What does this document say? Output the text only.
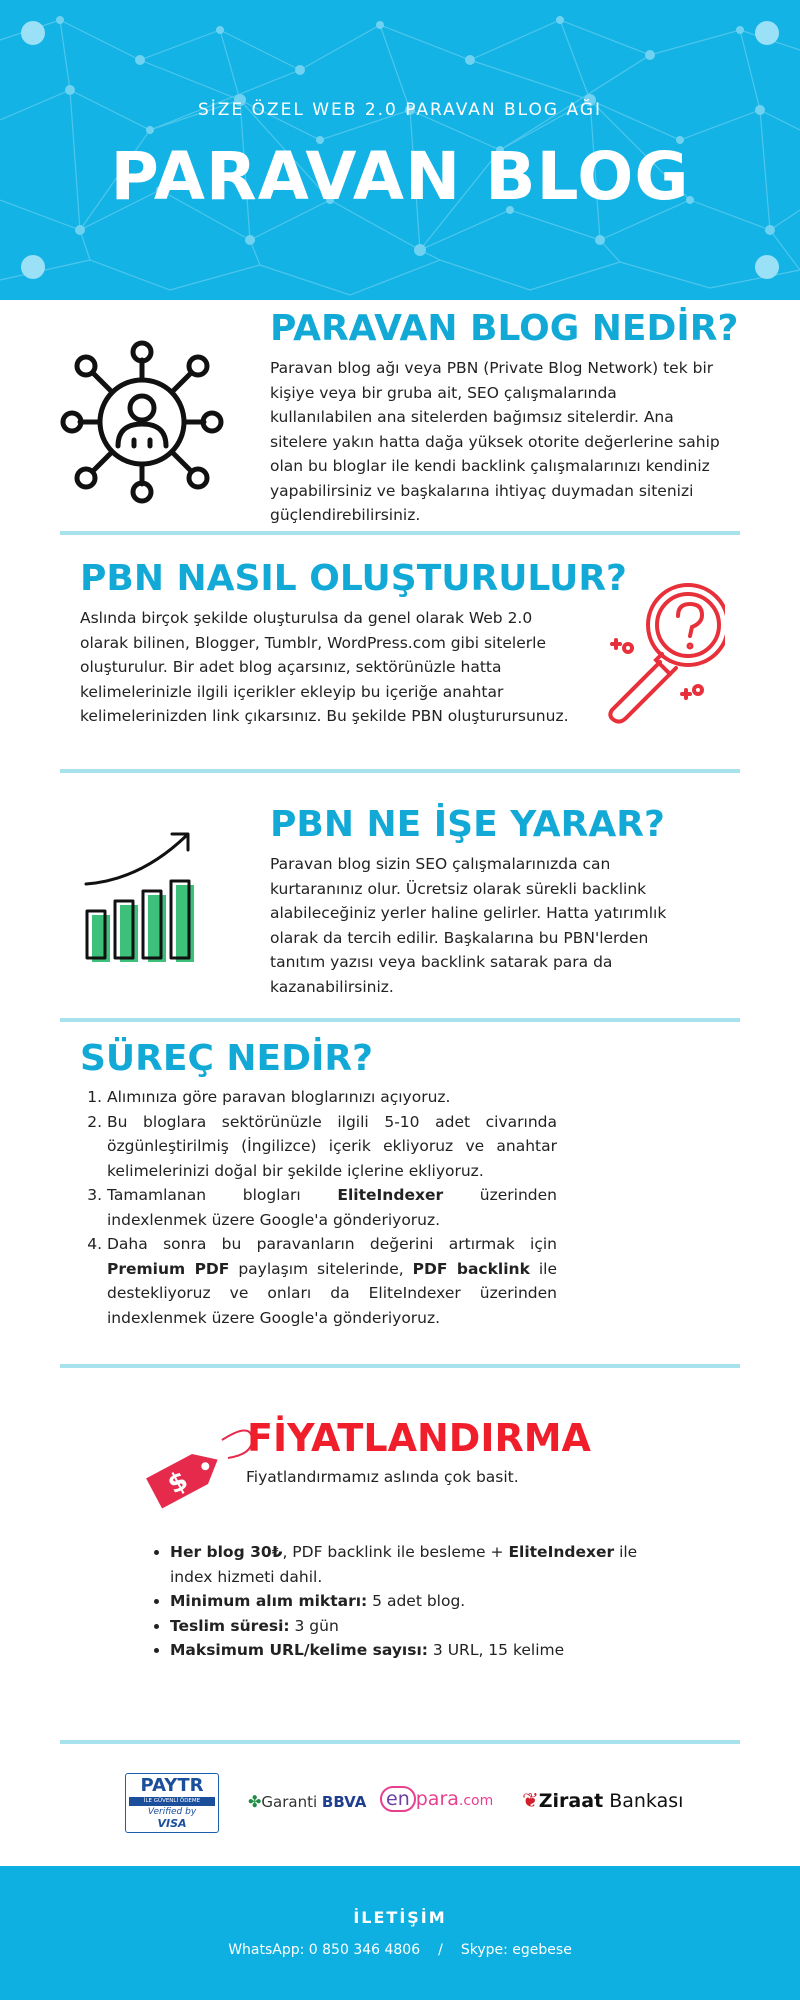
SİZE ÖZEL WEB 2.0 PARAVAN BLOG AĞI
PARAVAN BLOG
PARAVAN BLOG NEDİR?
Paravan blog ağı veya PBN (Private Blog Network) tek bir kişiye veya bir gruba ait, SEO çalışmalarında kullanılabilen ana sitelerden bağımsız sitelerdir. Ana sitelere yakın hatta dağa yüksek otorite değerlerine sahip olan bu bloglar ile kendi backlink çalışmalarınızı kendiniz yapabilirsiniz ve başkalarına ihtiyaç duymadan sitenizi güçlendirebilirsiniz.
PBN NASIL OLUŞTURULUR?
Aslında birçok şekilde oluşturulsa da genel olarak Web 2.0 olarak bilinen, Blogger, Tumblr, WordPress.com gibi sitelerle oluşturulur. Bir adet blog açarsınız, sektörünüzle hatta kelimelerinizle ilgili içerikler ekleyip bu içeriğe anahtar kelimelerinizden link çıkarsınız. Bu şekilde PBN oluşturursunuz.
PBN NE İŞE YARAR?
Paravan blog sizin SEO çalışmalarınızda can kurtaranınız olur. Ücretsiz olarak sürekli backlink alabileceğiniz yerler haline gelirler. Hatta yatırımlık olarak da tercih edilir. Başkalarına bu PBN'lerden tanıtım yazısı veya backlink satarak para da kazanabilirsiniz.
SÜREÇ NEDİR?
1. Alımınıza göre paravan bloglarınızı açıyoruz.
2. Bu bloglara sektörünüzle ilgili 5-10 adet civarında özgünleştirilmiş (İngilizce) içerik ekliyoruz ve anahtar kelimelerinizi doğal bir şekilde içlerine ekliyoruz.
3. Tamamlanan blogları EliteIndexer üzerinden indexlenmek üzere Google'a gönderiyoruz.
4. Daha sonra bu paravanların değerini artırmak için Premium PDF paylaşım sitelerinde, PDF backlink ile destekliyoruz ve onları da EliteIndexer üzerinden indexlenmek üzere Google'a gönderiyoruz.
$
FİYATLANDIRMA
Fiyatlandırmamız aslında çok basit.
• Her blog 30₺, PDF backlink ile besleme + EliteIndexer ile index hizmeti dahil.
• Minimum alım miktarı: 5 adet blog.
• Teslim süresi: 3 gün
• Maksimum URL/kelime sayısı: 3 URL, 15 kelime
PAYTR
İLE GÜVENLİ ÖDEME
Verified by
VISA
✤Garanti BBVA	en para.com ❦Ziraat Bankası
İLETİŞİM
WhatsApp: 0 850 346 4806 / Skype: egebese
